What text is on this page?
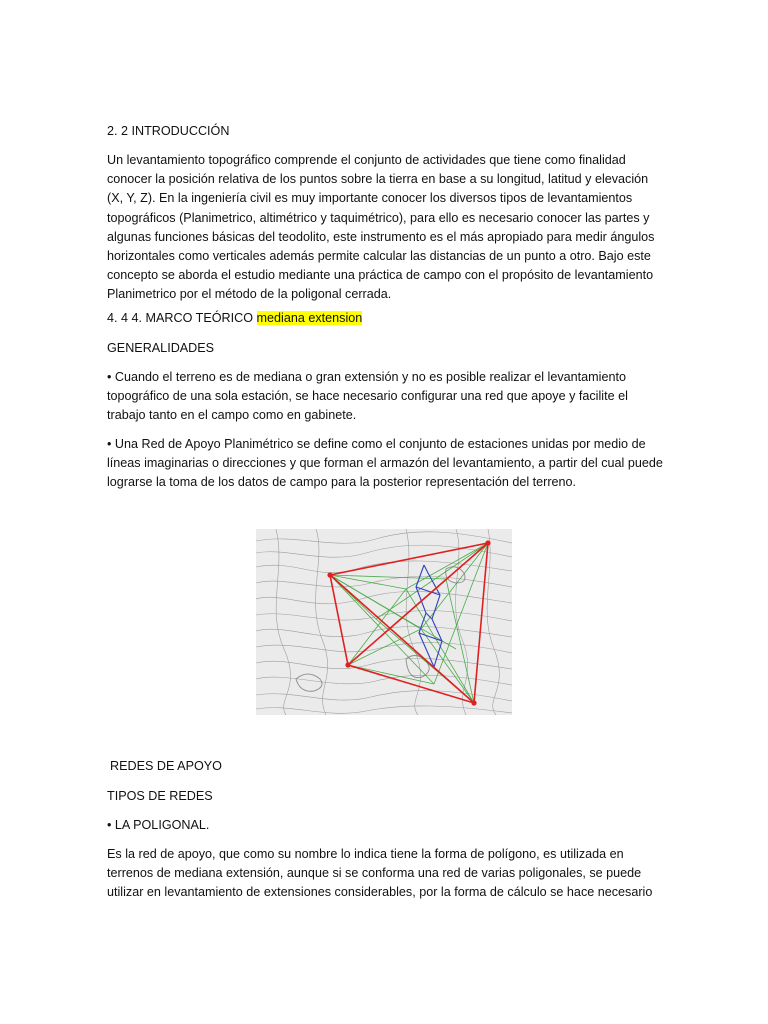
2. 2 INTRODUCCIÓN

Un levantamiento topográfico comprende el conjunto de actividades que tiene como finalidad conocer la posición relativa de los puntos sobre la tierra en base a su longitud, latitud y elevación (X, Y, Z). En la ingeniería civil es muy importante conocer los diversos tipos de levantamientos topográficos (Planimetrico, altimétrico y taquimétrico), para ello es necesario conocer las partes y algunas funciones básicas del teodolito, este instrumento es el más apropiado para medir ángulos horizontales como verticales además permite calcular las distancias de un punto a otro. Bajo este concepto se aborda el estudio mediante una práctica de campo con el propósito de levantamiento Planimetrico por el método de la poligonal cerrada.

4. 4 4. MARCO TEÓRICO mediana extension

GENERALIDADES

• Cuando el terreno es de mediana o gran extensión y no es posible realizar el levantamiento topográfico de una sola estación, se hace necesario configurar una red que apoye y facilite el trabajo tanto en el campo como en gabinete.

• Una Red de Apoyo Planimétrico se define como el conjunto de estaciones unidas por medio de líneas imaginarias o direcciones y que forman el armazón del levantamiento, a partir del cual puede lograrse la toma de los datos de campo para la posterior representación del terreno.

REDES DE APOYO

TIPOS DE REDES

• LA POLIGONAL.

Es la red de apoyo, que como su nombre lo indica tiene la forma de polígono, es utilizada en terrenos de mediana extensión, aunque si se conforma una red de varias poligonales, se puede utilizar en levantamiento de extensiones considerables, por la forma de cálculo se hace necesario
